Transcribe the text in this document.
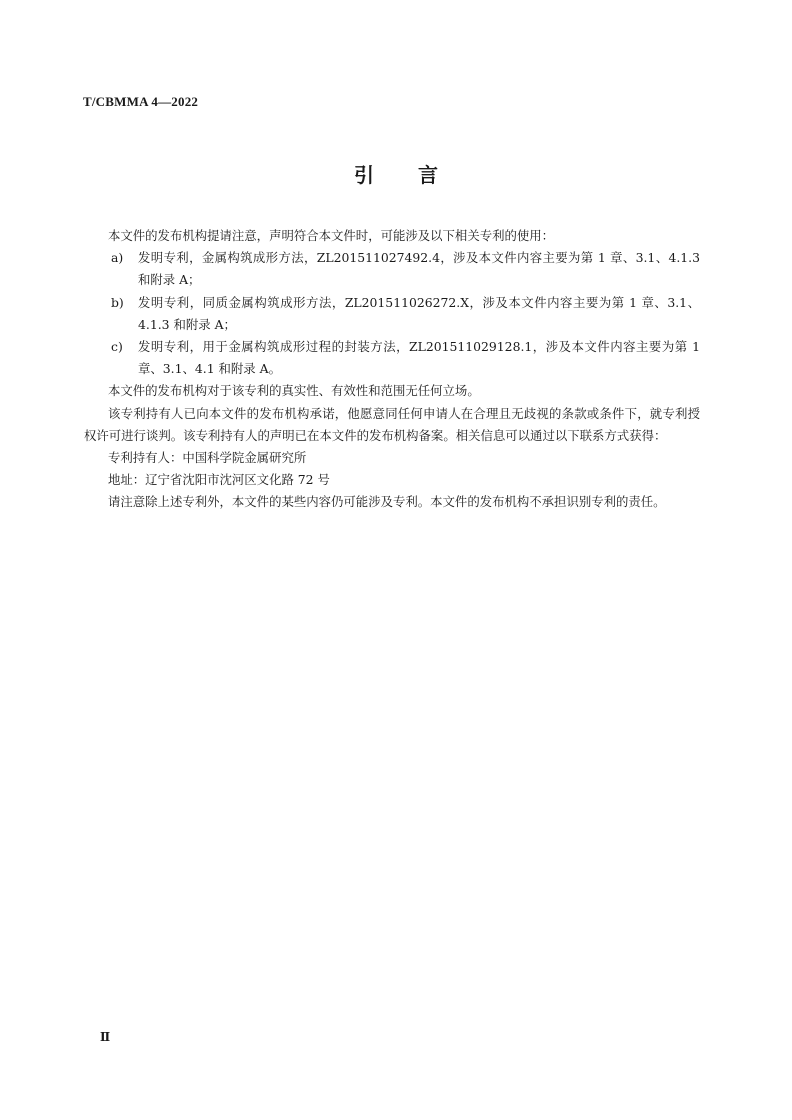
T/CBMMA 4—2022
引言

本文件的发布机构提请注意，声明符合本文件时，可能涉及以下相关专利的使用：

a) 发明专利，金属构筑成形方法，ZL201511027492.4，涉及本文件内容主要为第 1 章、3.1、4.1.3 和附录 A；
b) 发明专利，同质金属构筑成形方法，ZL201511026272.X，涉及本文件内容主要为第 1 章、3.1、4.1.3 和附录 A；
c) 发明专利，用于金属构筑成形过程的封装方法，ZL201511029128.1，涉及本文件内容主要为第 1 章、3.1、4.1 和附录 A。

本文件的发布机构对于该专利的真实性、有效性和范围无任何立场。

该专利持有人已向本文件的发布机构承诺，他愿意同任何申请人在合理且无歧视的条款或条件下，就专利授权许可进行谈判。该专利持有人的声明已在本文件的发布机构备案。相关信息可以通过以下联系方式获得：

专利持有人：中国科学院金属研究所

地址：辽宁省沈阳市沈河区文化路 72 号

请注意除上述专利外，本文件的某些内容仍可能涉及专利。本文件的发布机构不承担识别专利的责任。

Ⅱ
